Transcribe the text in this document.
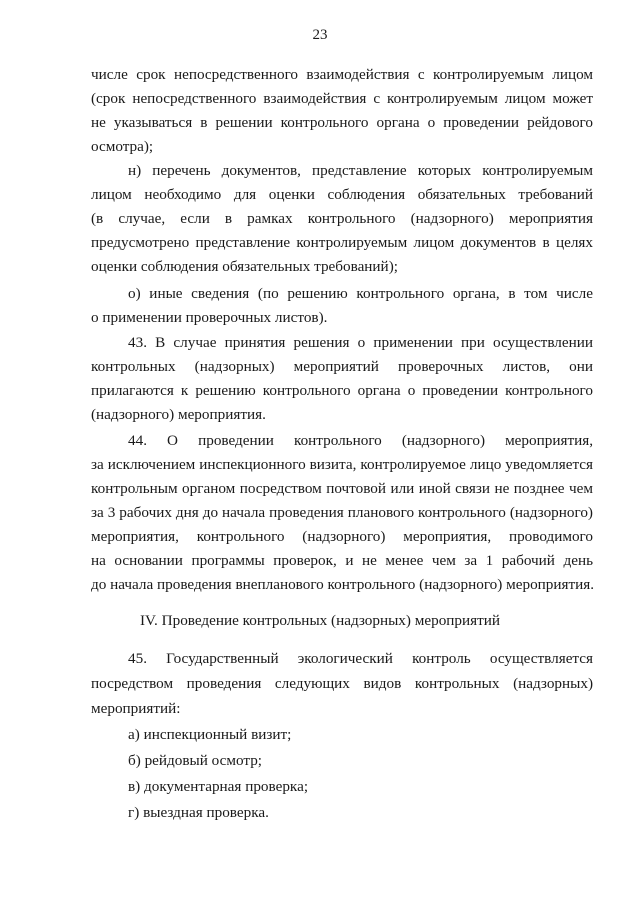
23
числе срок непосредственного взаимодействия с контролируемым лицом
(срок непосредственного взаимодействия с контролируемым лицом может
не указываться в решении контрольного органа о проведении рейдового
осмотра);
н) перечень документов, представление которых контролируемым
лицом необходимо для оценки соблюдения обязательных требований
(в случае, если в рамках контрольного (надзорного) мероприятия
предусмотрено представление контролируемым лицом документов в целях
оценки соблюдения обязательных требований);
о) иные сведения (по решению контрольного органа, в том числе
о применении проверочных листов).
43. В случае принятия решения о применении при осуществлении
контрольных (надзорных) мероприятий проверочных листов, они
прилагаются к решению контрольного органа о проведении контрольного
(надзорного) мероприятия.
44. О проведении контрольного (надзорного) мероприятия,
за исключением инспекционного визита, контролируемое лицо уведомляется
контрольным органом посредством почтовой или иной связи не позднее чем
за 3 рабочих дня до начала проведения планового контрольного (надзорного)
мероприятия, контрольного (надзорного) мероприятия, проводимого
на основании программы проверок, и не менее чем за 1 рабочий день
до начала проведения внепланового контрольного (надзорного) мероприятия.
IV. Проведение контрольных (надзорных) мероприятий
45. Государственный экологический контроль осуществляется
посредством проведения следующих видов контрольных (надзорных)
мероприятий:
а) инспекционный визит;
б) рейдовый осмотр;
в) документарная проверка;
г) выездная проверка.
